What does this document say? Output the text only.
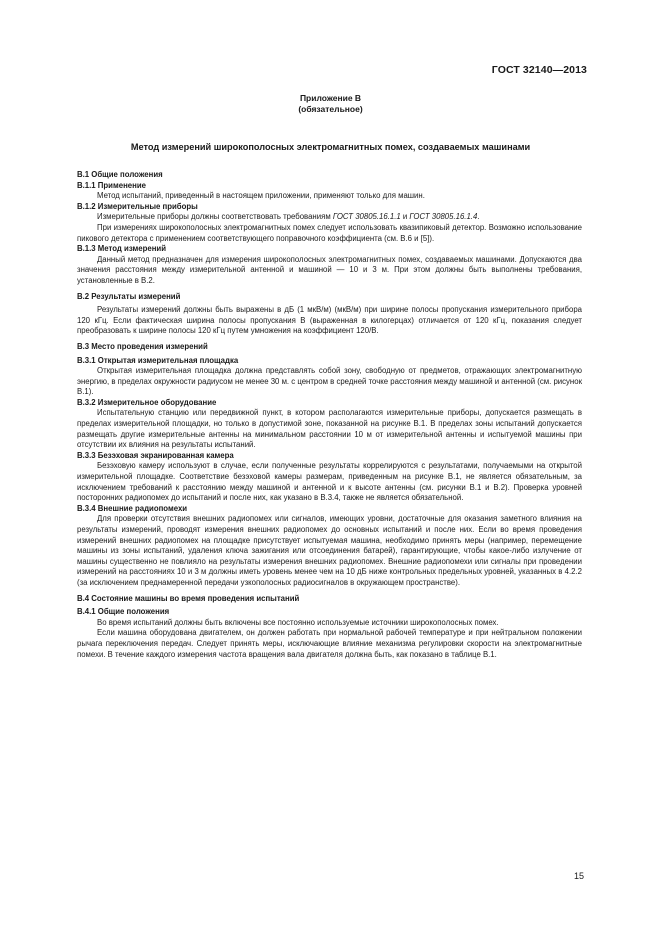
ГОСТ 32140—2013
Приложение В
(обязательное)
Метод измерений широкополосных электромагнитных помех, создаваемых машинами
В.1 Общие положения
В.1.1 Применение

Метод испытаний, приведенный в настоящем приложении, применяют только для машин.

В.1.2 Измерительные приборы

Измерительные приборы должны соответствовать требованиям ГОСТ 30805.16.1.1 и ГОСТ 30805.16.1.4.

При измерениях широкополосных электромагнитных помех следует использовать квазипиковый детектор. Возможно использование пикового детектора с применением соответствующего поправочного коэффициента (см. В.6 и [5]).

В.1.3 Метод измерений

Данный метод предназначен для измерения широкополосных электромагнитных помех, создаваемых машинами. Допускаются два значения расстояния между измерительной антенной и машиной — 10 и 3 м. При этом должны быть выполнены требования, установленные в В.2.

В.2 Результаты измерений

Результаты измерений должны быть выражены в дБ (1 мкВ/м) (мкВ/м) при ширине полосы пропускания измерительного прибора 120 кГц. Если фактическая ширина полосы пропускания В (выраженная в килогерцах) отличается от 120 кГц, показания следует преобразовать к ширине полосы 120 кГц путем умножения на коэффициент 120/В.

В.3 Место проведения измерений
В.3.1 Открытая измерительная площадка

Открытая измерительная площадка должна представлять собой зону, свободную от предметов, отражающих электромагнитную энергию, в пределах окружности радиусом не менее 30 м. с центром в средней точке расстояния между машиной и антенной (см. рисунок В.1).

В.3.2 Измерительное оборудование

Испытательную станцию или передвижной пункт, в котором располагаются измерительные приборы, допускается размещать в пределах измерительной площадки, но только в допустимой зоне, показанной на рисунке В.1. В пределах зоны испытаний допускается размещать другие измерительные антенны на минимальном расстоянии 10 м от измерительной антенны и испытуемой машины при отсутствии их влияния на результаты испытаний.

В.3.3 Безэховая экранированная камера

Безэховую камеру используют в случае, если полученные результаты коррелируются с результатами, получаемыми на открытой измерительной площадке. Соответствие безэховой камеры размерам, приведенным на рисунке В.1, не является обязательным, за исключением требований к расстоянию между машиной и антенной и к высоте антенны (см. рисунки В.1 и В.2). Проверка уровней посторонних радиопомех до испытаний и после них, как указано в В.3.4, также не является обязательной.

В.3.4 Внешние радиопомехи

Для проверки отсутствия внешних радиопомех или сигналов, имеющих уровни, достаточные для оказания заметного влияния на результаты измерений, проводят измерения внешних радиопомех до основных испытаний и после них. Если во время проведения измерений внешних радиопомех на площадке присутствует испытуемая машина, необходимо принять меры (например, перемещение машины из зоны испытаний, удаления ключа зажигания или отсоединения батарей), гарантирующие, чтобы какое-либо излучение от машины существенно не повлияло на результаты измерения внешних радиопомех. Внешние радиопомехи или сигналы при проведении измерений на расстояниях 10 и 3 м должны иметь уровень менее чем на 10 дБ ниже контрольных предельных уровней, указанных в 4.2.2 (за исключением преднамеренной передачи узкополосных радиосигналов в окружающем пространстве).

В.4 Состояние машины во время проведения испытаний
В.4.1 Общие положения

Во время испытаний должны быть включены все постоянно используемые источники широкополосных помех.

Если машина оборудована двигателем, он должен работать при нормальной рабочей температуре и при нейтральном положении рычага переключения передач. Следует принять меры, исключающие влияние механизма регулировки скорости на электромагнитные помехи. В течение каждого измерения частота вращения вала двигателя должна быть, как показано в таблице В.1.

15
